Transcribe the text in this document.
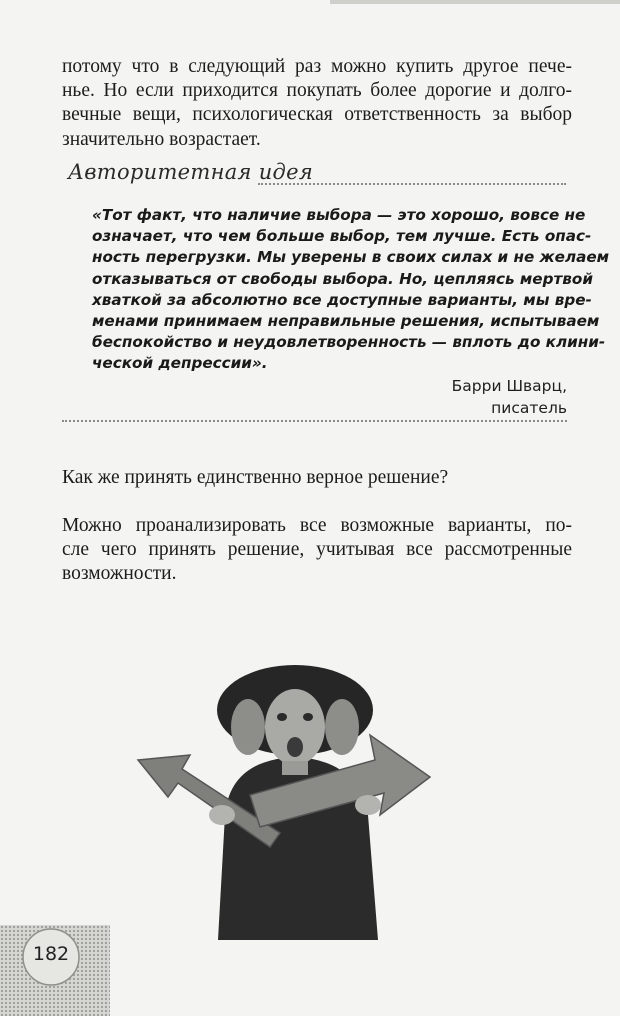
потому что в следующий раз можно купить другое пече-
нье. Но если приходится покупать более дорогие и долго-
вечные вещи, психологическая ответственность за выбор
значительно возрастает.

Авторитетная идея

«Тот факт, что наличие выбора — это хорошо, вовсе не
означает, что чем больше выбор, тем лучше. Есть опас-
ность перегрузки. Мы уверены в своих силах и не желаем
отказываться от свободы выбора. Но, цепляясь мертвой
хваткой за абсолютно все доступные варианты, мы вре-
менами принимаем неправильные решения, испытываем
беспокойство и неудовлетворенность — вплоть до клини-
ческой депрессии».

Барри Шварц,
писатель

Как же принять единственно верное решение?

Можно проанализировать все возможные варианты, по-
сле чего принять решение, учитывая все рассмотренные
возможности.

182
